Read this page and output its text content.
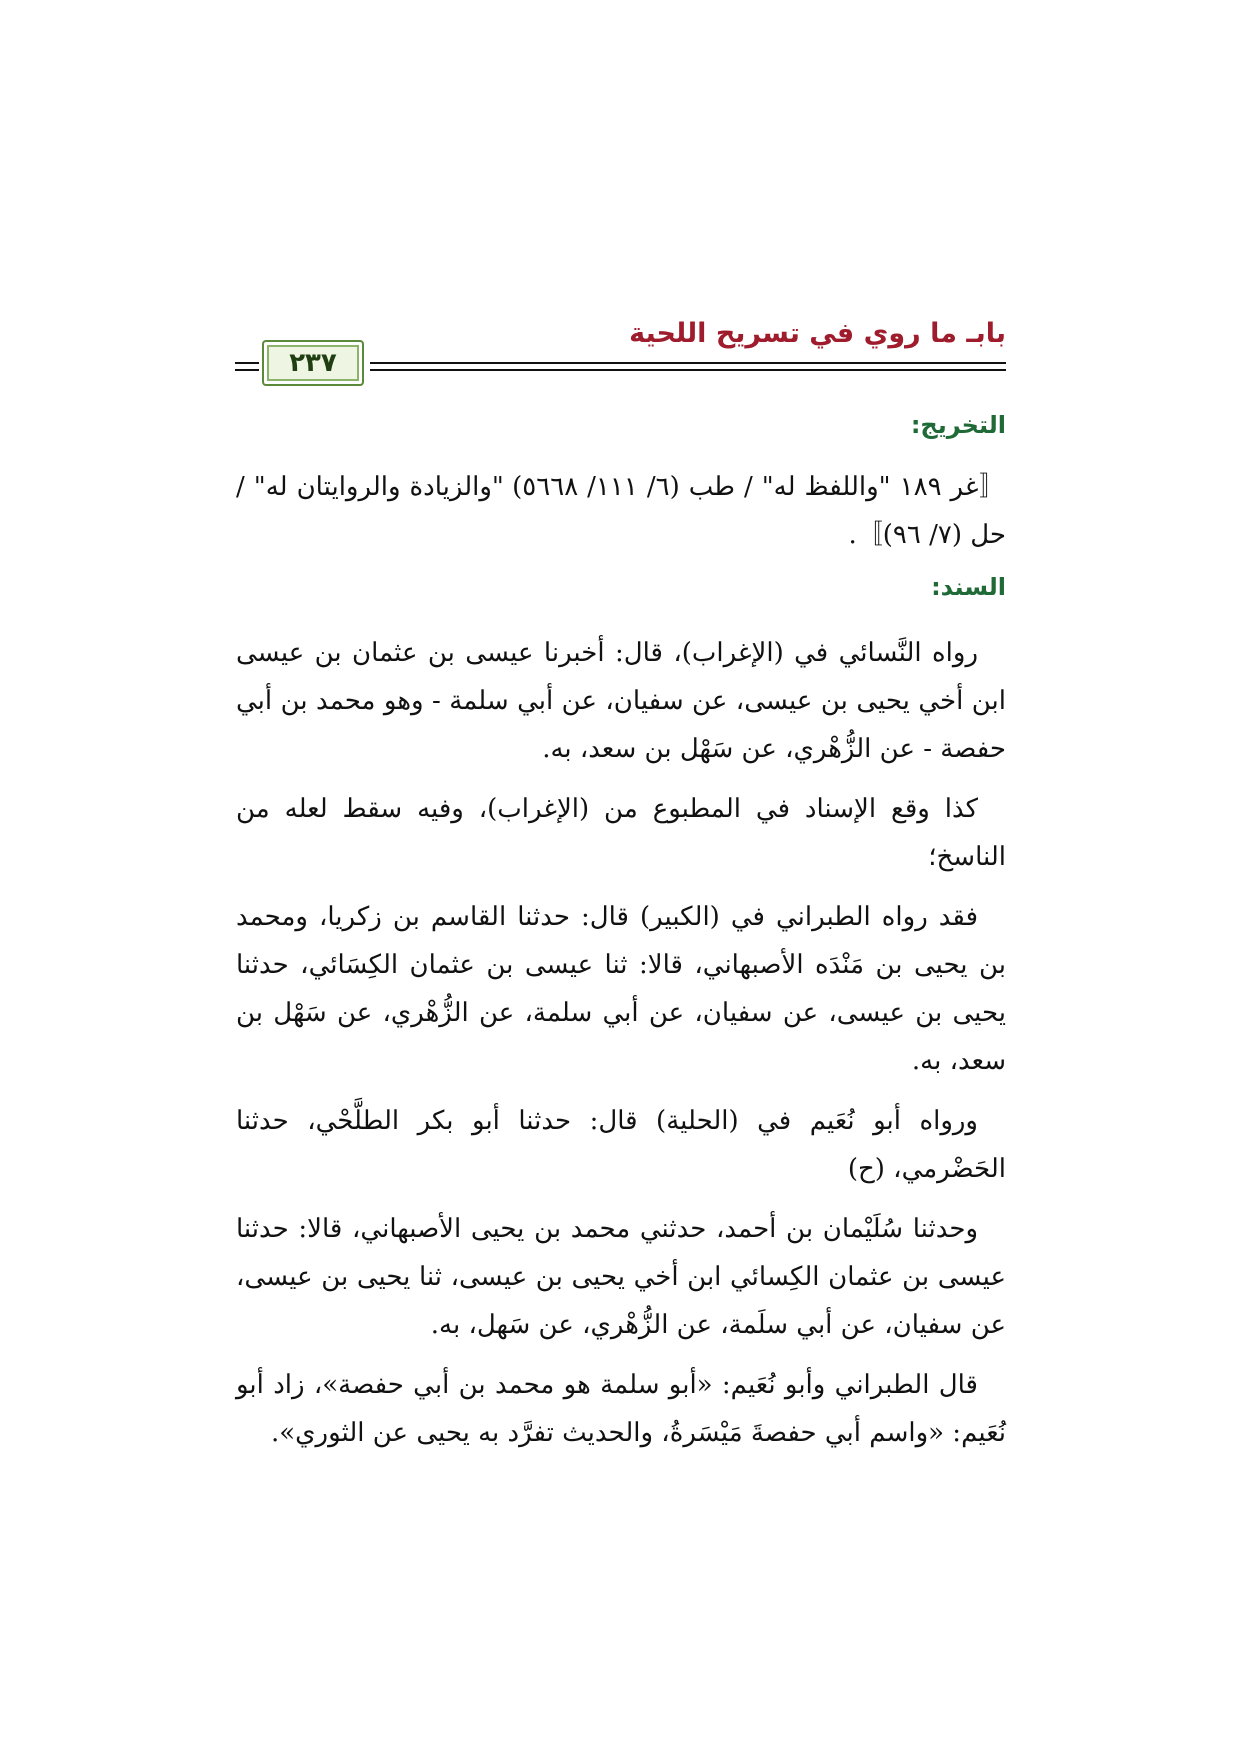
بابـ ما روي في تسريح اللحية
٢٣٧

التخريج:

〚غر ١٨٩ "واللفظ له" / طب (٦/ ١١١/ ٥٦٦٨) "والزيادة والروايتان له" / حل (٧/ ٩٦)〛.

السند:

رواه النَّسائي في (الإغراب)، قال: أخبرنا عيسى بن عثمان بن عيسى ابن أخي يحيى بن عيسى، عن سفيان، عن أبي سلمة - وهو محمد بن أبي حفصة - عن الزُّهْري، عن سَهْل بن سعد، به.

كذا وقع الإسناد في المطبوع من (الإغراب)، وفيه سقط لعله من الناسخ؛

فقد رواه الطبراني في (الكبير) قال: حدثنا القاسم بن زكريا، ومحمد بن يحيى بن مَنْدَه الأصبهاني، قالا: ثنا عيسى بن عثمان الكِسَائي، حدثنا يحيى بن عيسى، عن سفيان، عن أبي سلمة، عن الزُّهْري، عن سَهْل بن سعد، به.

ورواه أبو نُعَيم في (الحلية) قال: حدثنا أبو بكر الطلَّحْي، حدثنا الحَضْرمي، (ح)

وحدثنا سُلَيْمان بن أحمد، حدثني محمد بن يحيى الأصبهاني، قالا: حدثنا عيسى بن عثمان الكِسائي ابن أخي يحيى بن عيسى، ثنا يحيى بن عيسى، عن سفيان، عن أبي سلَمة، عن الزُّهْري، عن سَهل، به.

قال الطبراني وأبو نُعَيم: «أبو سلمة هو محمد بن أبي حفصة»، زاد أبو نُعَيم: «واسم أبي حفصةَ مَيْسَرةُ، والحديث تفرَّد به يحيى عن الثوري».
